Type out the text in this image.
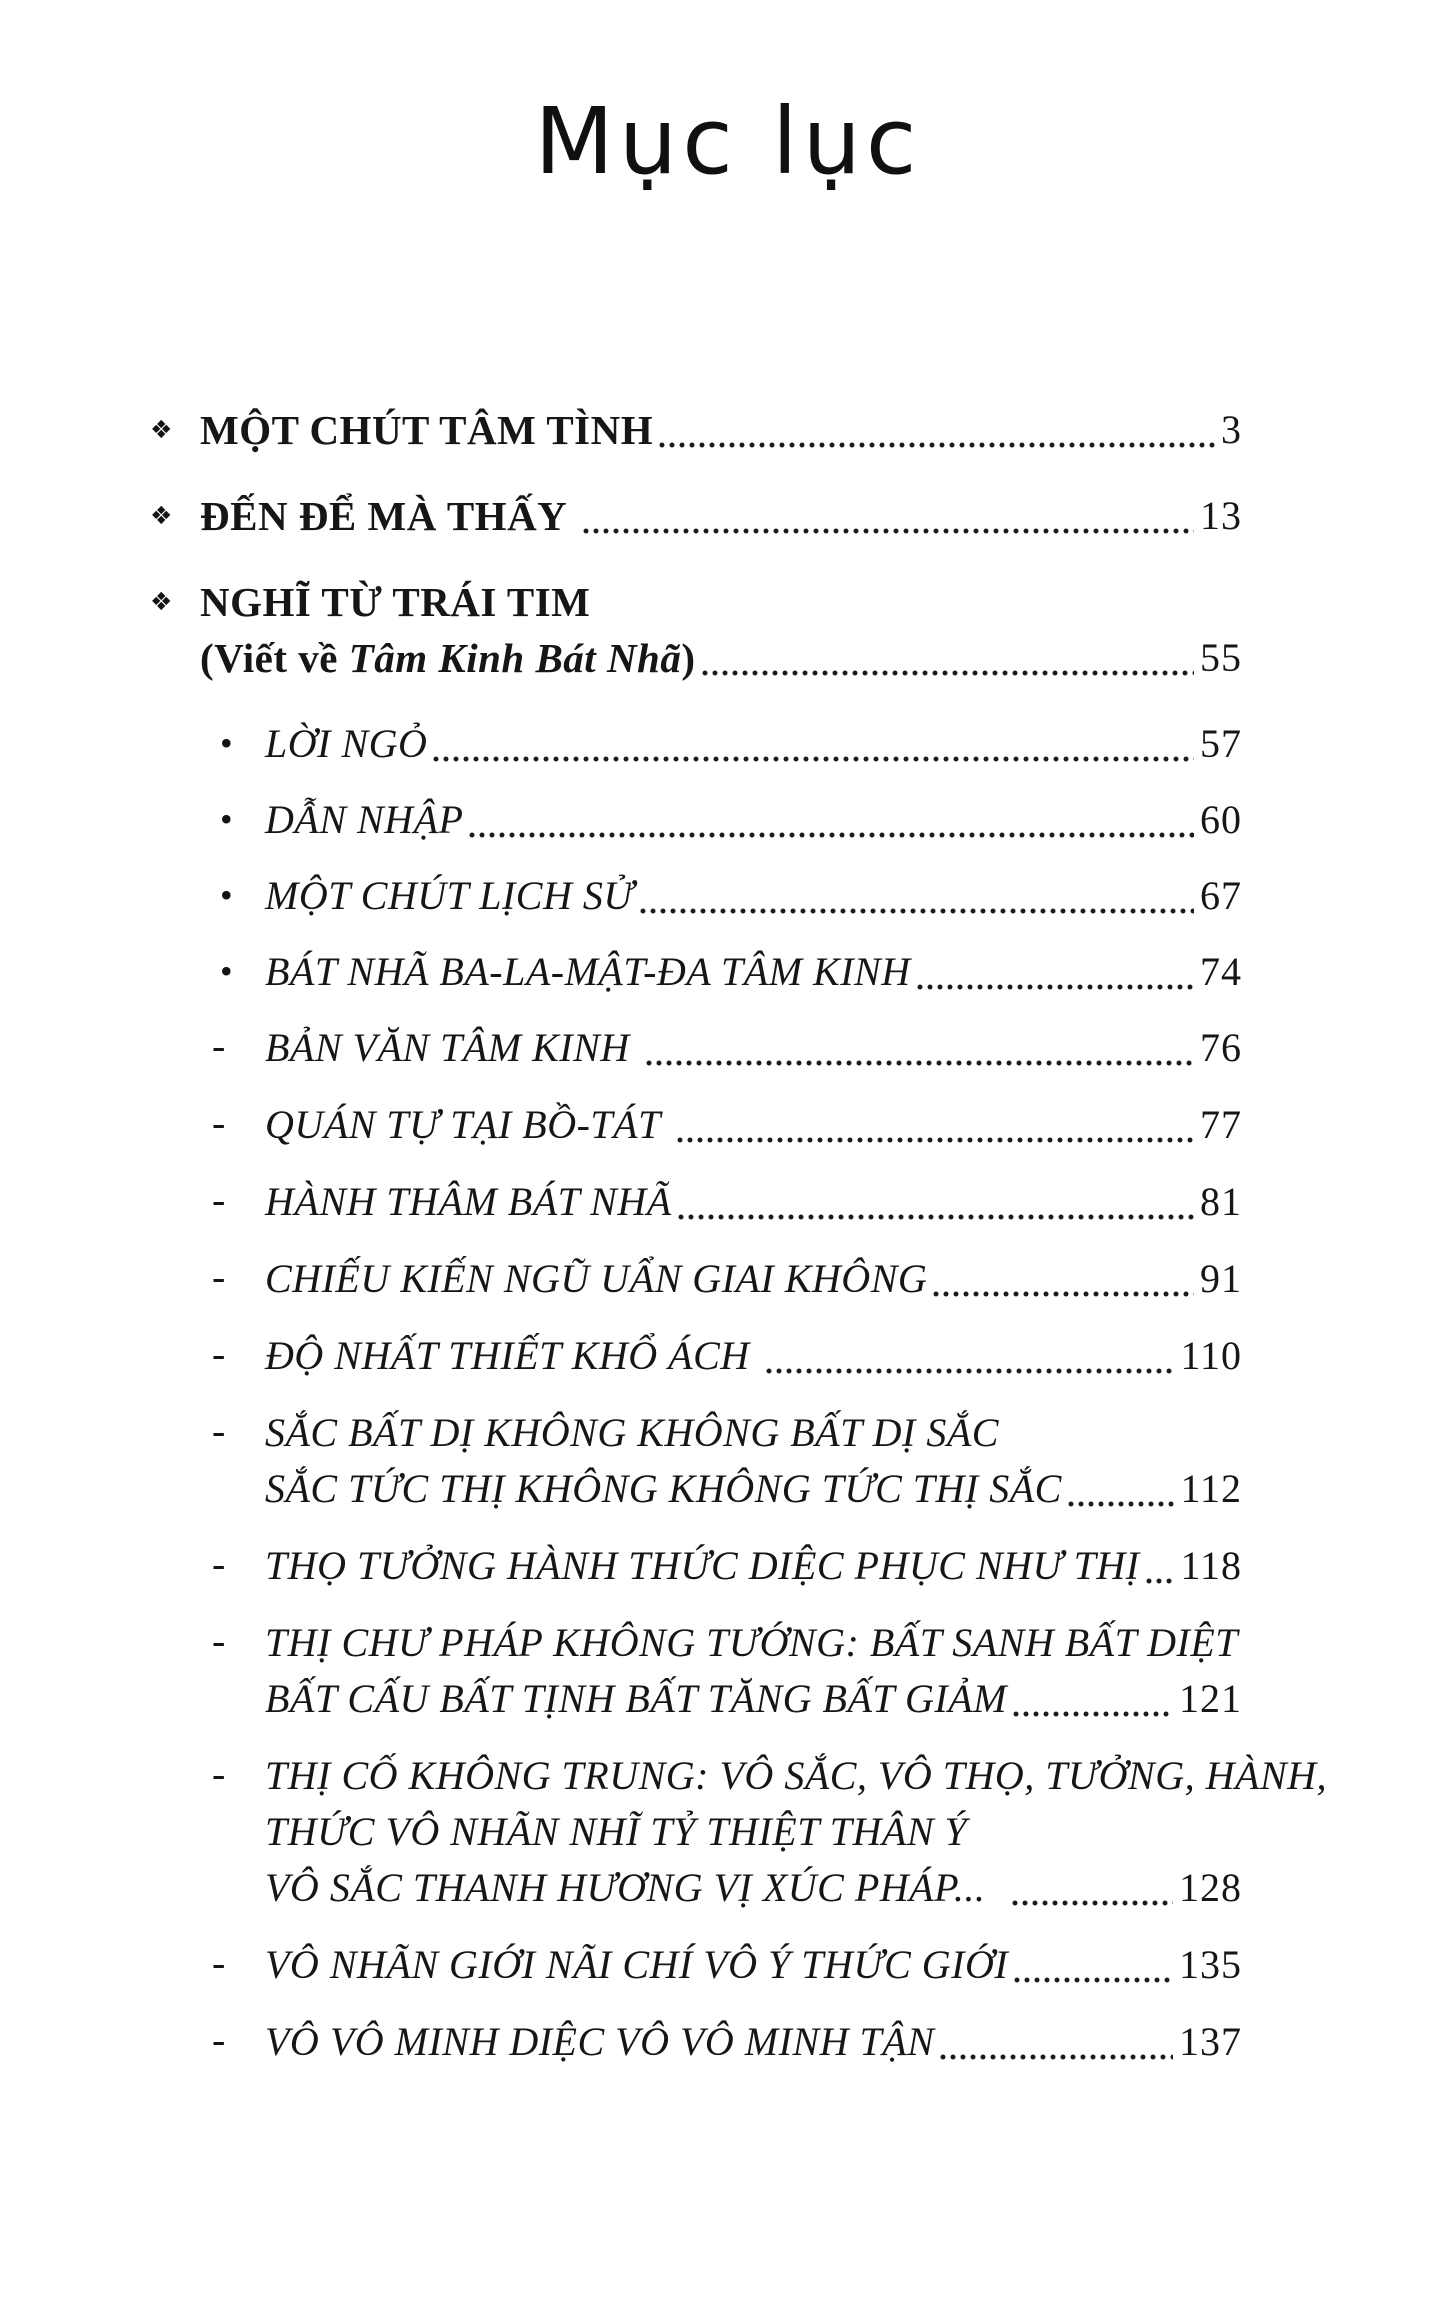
Mục lục
❖ MỘT CHÚT TÂM TÌNH	3
❖ ĐẾN ĐỂ MÀ THẤY	13
❖ NGHĨ TỪ TRÁI TIM
(Viết về Tâm Kinh Bát Nhã)	55
• LỜI NGỎ	57
• DẪN NHẬP	60
• MỘT CHÚT LỊCH SỬ	67
• BÁT NHÃ BA-LA-MẬT-ĐA TÂM KINH	74
- BẢN VĂN TÂM KINH	76
- QUÁN TỰ TẠI BỒ-TÁT	77
- HÀNH THÂM BÁT NHÃ	81
- CHIẾU KIẾN NGŨ UẨN GIAI KHÔNG	91
- ĐỘ NHẤT THIẾT KHỔ ÁCH	110
- SẮC BẤT DỊ KHÔNG KHÔNG BẤT DỊ SẮC
SẮC TỨC THỊ KHÔNG KHÔNG TỨC THỊ SẮC	112
- THỌ TƯỞNG HÀNH THỨC DIỆC PHỤC NHƯ THỊ 118
- THỊ CHƯ PHÁP KHÔNG TƯỚNG: BẤT SANH BẤT DIỆT
BẤT CẤU BẤT TỊNH BẤT TĂNG BẤT GIẢM	121
- THỊ CỐ KHÔNG TRUNG: VÔ SẮC, VÔ THỌ, TƯỞNG, HÀNH,
THỨC VÔ NHÃN NHĨ TỶ THIỆT THÂN Ý
VÔ SẮC THANH HƯƠNG VỊ XÚC PHÁP...	128
- VÔ NHÃN GIỚI NÃI CHÍ VÔ Ý THỨC GIỚI	135
- VÔ VÔ MINH DIỆC VÔ VÔ MINH TẬN	137
